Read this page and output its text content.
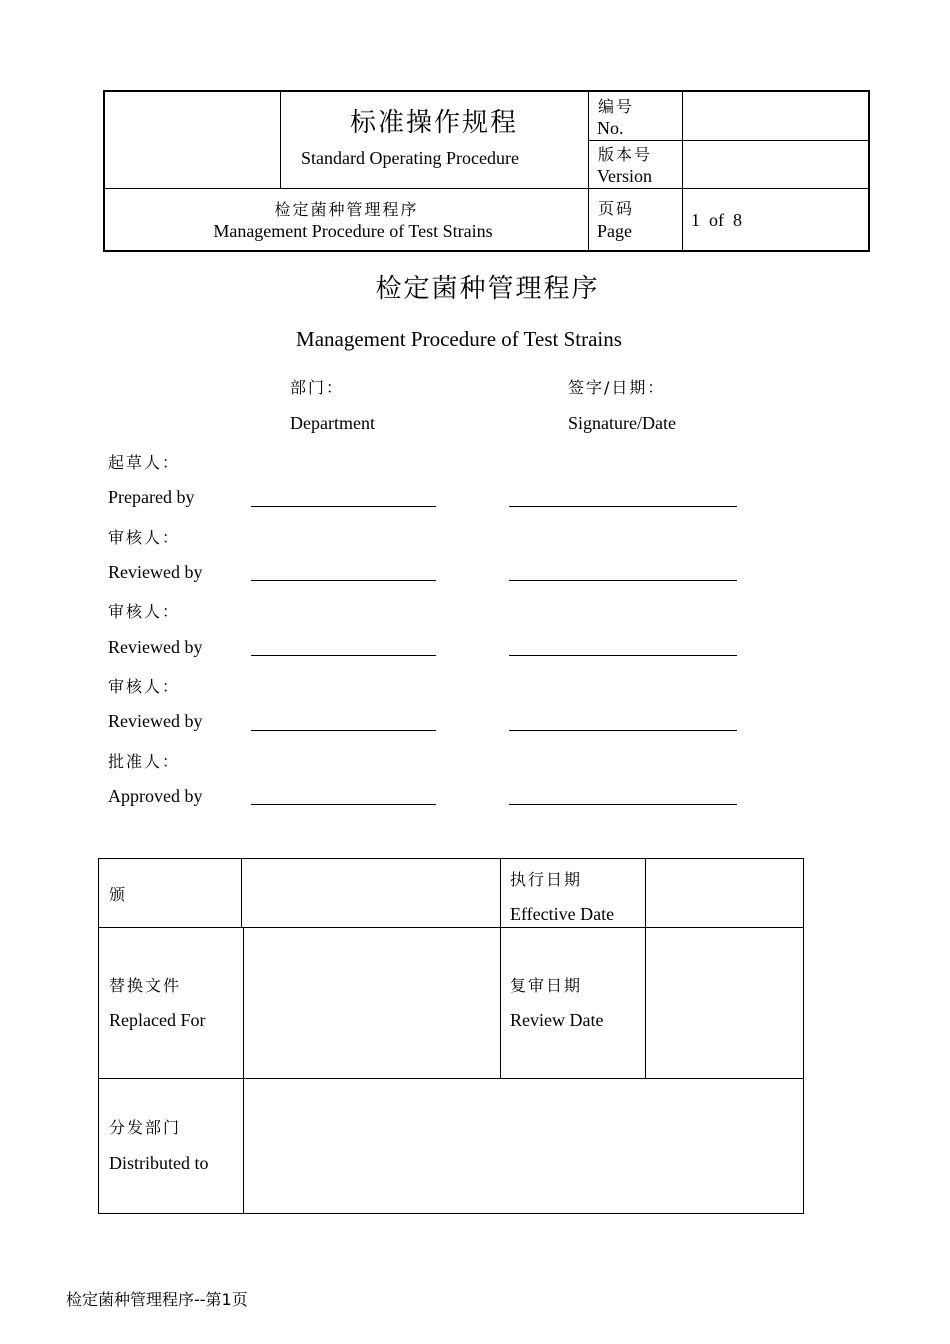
标准操作规程
Standard Operating Procedure
编号
No.
版本号
Version
检定菌种管理程序
Management Procedure of Test Strains
页码
Page
1  of  8
检定菌种管理程序
Management Procedure of Test Strains
部门：
Department
签字/日期：
Signature/Date
起草人：
Prepared by
审核人：
Reviewed by
审核人：
Reviewed by
审核人：
Reviewed by
批准人：
Approved by
颁
执行日期
Effective Date
替换文件
Replaced For
复审日期
Review Date
分发部门
Distributed to
检定菌种管理程序--第1页
